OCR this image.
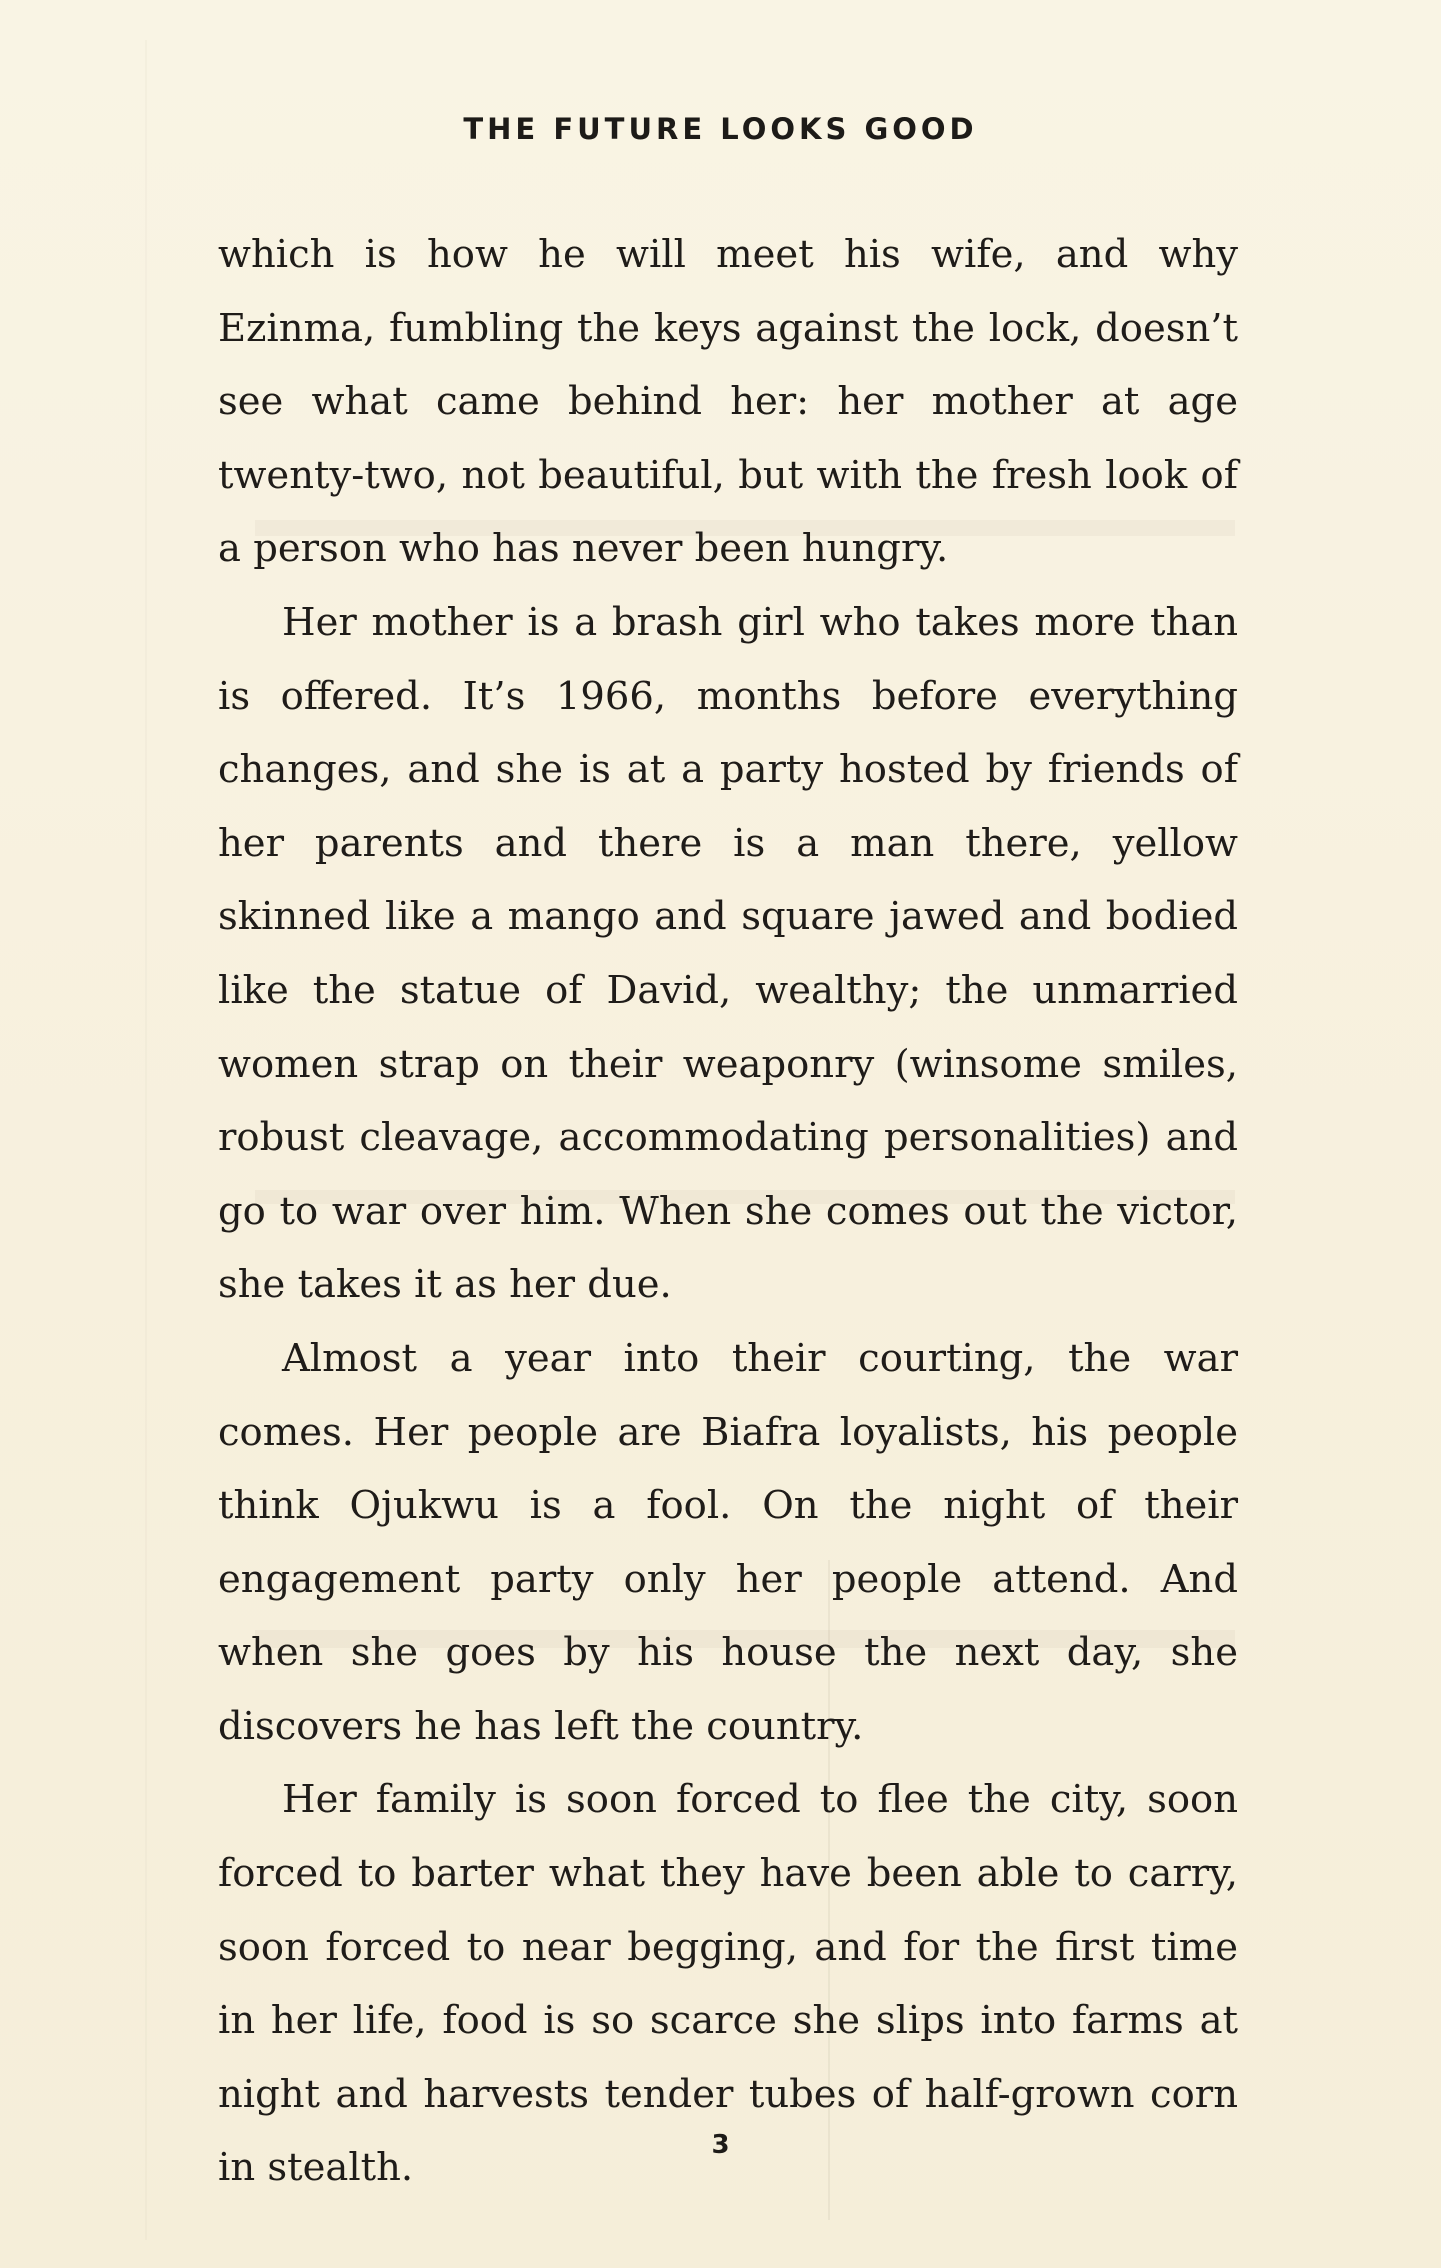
THE FUTURE LOOKS GOOD

which is how he will meet his wife, and why Ezinma, fumbling the keys against the lock, doesn’t see what came behind her: her mother at age twenty-two, not beautiful, but with the fresh look of a person who has never been hungry.

Her mother is a brash girl who takes more than is offered. It’s 1966, months before everything changes, and she is at a party hosted by friends of her parents and there is a man there, yellow skinned like a mango and square jawed and bodied like the statue of David, wealthy; the unmarried women strap on their weaponry (winsome smiles, robust cleavage, accommodating personalities) and go to war over him. When she comes out the victor, she takes it as her due.

Almost a year into their courting, the war comes. Her people are Biafra loyalists, his people think Ojukwu is a fool. On the night of their engagement party only her people attend. And when she goes by his house the next day, she discovers he has left the country.

Her family is soon forced to flee the city, soon forced to barter what they have been able to carry, soon forced to near begging, and for the first time in her life, food is so scarce she slips into farms at night and harvests tender tubes of half-grown corn in stealth.

3
